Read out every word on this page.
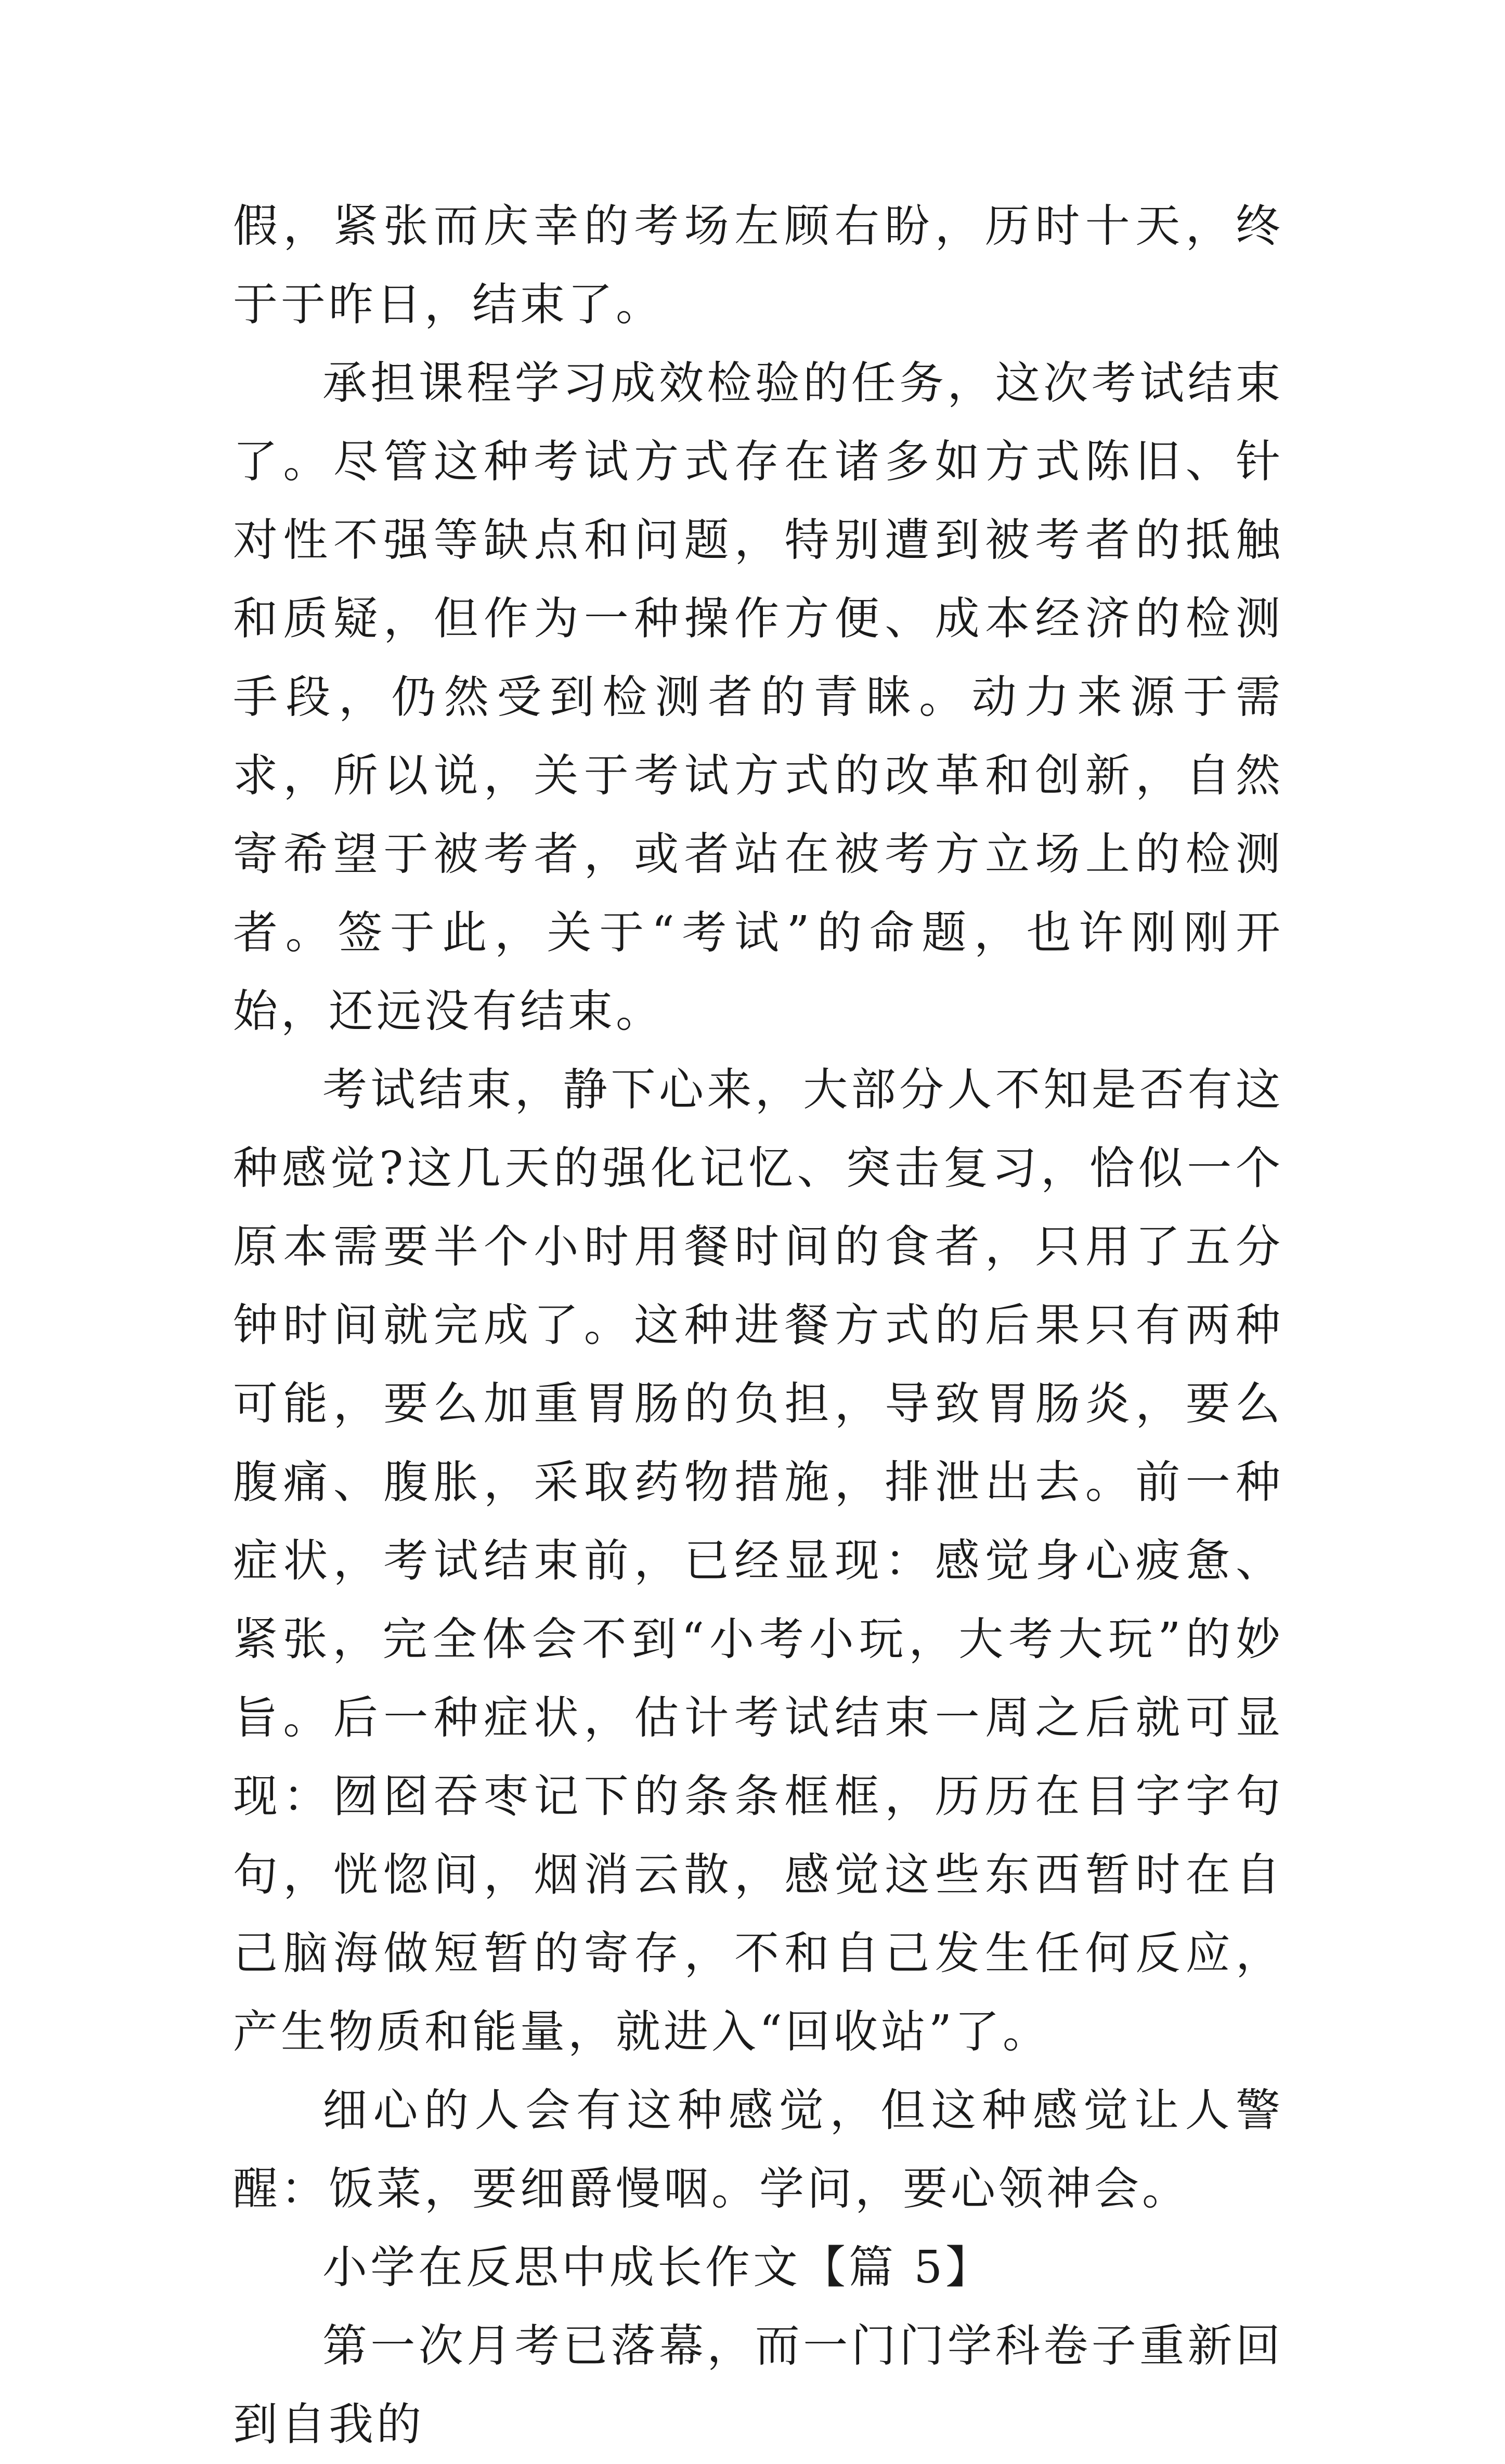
假，紧张而庆幸的考场左顾右盼，历时十天，终于于昨日，结束了。

承担课程学习成效检验的任务，这次考试结束了。尽管这种考试方式存在诸多如方式陈旧、针对性不强等缺点和问题，特别遭到被考者的抵触和质疑，但作为一种操作方便、成本经济的检测手段，仍然受到检测者的青睐。动力来源于需求，所以说，关于考试方式的改革和创新，自然寄希望于被考者，或者站在被考方立场上的检测者。签于此，关于“考试”的命题，也许刚刚开始，还远没有结束。

考试结束，静下心来，大部分人不知是否有这种感觉?这几天的强化记忆、突击复习，恰似一个原本需要半个小时用餐时间的食者，只用了五分钟时间就完成了。这种进餐方式的后果只有两种可能，要么加重胃肠的负担，导致胃肠炎，要么腹痛、腹胀，采取药物措施，排泄出去。前一种症状，考试结束前，已经显现：感觉身心疲惫、紧张，完全体会不到“小考小玩，大考大玩”的妙旨。后一种症状，估计考试结束一周之后就可显现：囫囵吞枣记下的条条框框，历历在目字字句句，恍惚间，烟消云散，感觉这些东西暂时在自己脑海做短暂的寄存，不和自己发生任何反应，产生物质和能量，就进入“回收站”了。

细心的人会有这种感觉，但这种感觉让人警醒：饭菜，要细爵慢咽。学问，要心领神会。

小学在反思中成长作文【篇 5】

第一次月考已落幕，而一门门学科卷子重新回到自我的
